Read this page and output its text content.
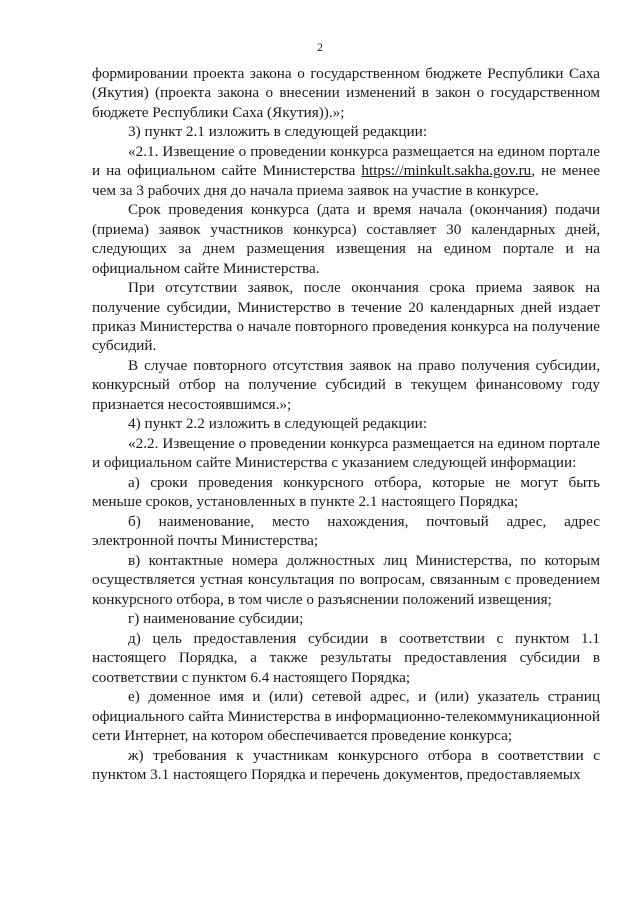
2

формировании проекта закона о государственном бюджете Республики Саха (Якутия) (проекта закона о внесении изменений в закон о государственном бюджете Республики Саха (Якутия)).»;

3) пункт 2.1 изложить в следующей редакции:

«2.1. Извещение о проведении конкурса размещается на едином портале и на официальном сайте Министерства https://minkult.sakha.gov.ru, не менее чем за 3 рабочих дня до начала приема заявок на участие в конкурсе.

Срок проведения конкурса (дата и время начала (окончания) подачи (приема) заявок участников конкурса) составляет 30 календарных дней, следующих за днем размещения извещения на едином портале и на официальном сайте Министерства.

При отсутствии заявок, после окончания срока приема заявок на получение субсидии, Министерство в течение 20 календарных дней издает приказ Министерства о начале повторного проведения конкурса на получение субсидий.

В случае повторного отсутствия заявок на право получения субсидии, конкурсный отбор на получение субсидий в текущем финансовому году признается несостоявшимся.»;

4) пункт 2.2 изложить в следующей редакции:

«2.2. Извещение о проведении конкурса размещается на едином портале и официальном сайте Министерства с указанием следующей информации:

а) сроки проведения конкурсного отбора, которые не могут быть меньше сроков, установленных в пункте 2.1 настоящего Порядка;

б) наименование, место нахождения, почтовый адрес, адрес электронной почты Министерства;

в) контактные номера должностных лиц Министерства, по которым осуществляется устная консультация по вопросам, связанным с проведением конкурсного отбора, в том числе о разъяснении положений извещения;

г) наименование субсидии;

д) цель предоставления субсидии в соответствии с пунктом 1.1 настоящего Порядка, а также результаты предоставления субсидии в соответствии с пунктом 6.4 настоящего Порядка;

е) доменное имя и (или) сетевой адрес, и (или) указатель страниц официального сайта Министерства в информационно-телекоммуникационной сети Интернет, на котором обеспечивается проведение конкурса;

ж) требования к участникам конкурсного отбора в соответствии с пунктом 3.1 настоящего Порядка и перечень документов, предоставляемых
